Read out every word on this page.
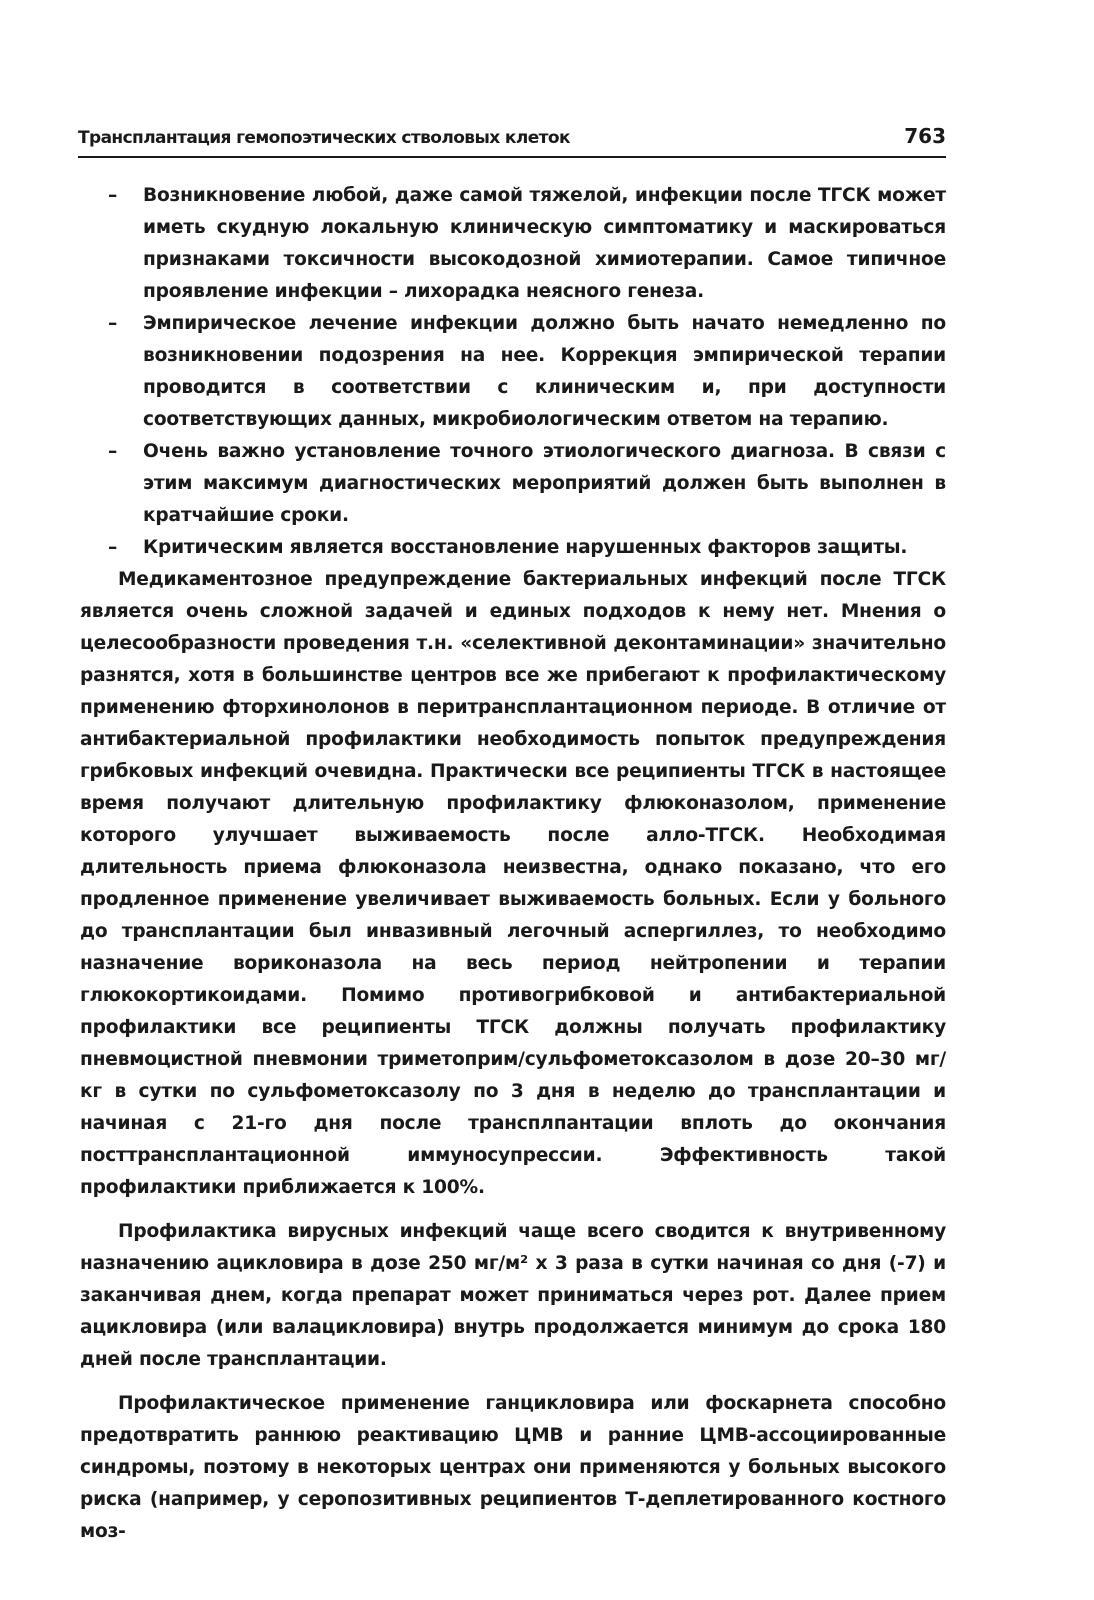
Трансплантация гемопоэтических стволовых клеток	763
– Возникновение любой, даже самой тяжелой, инфекции после ТГСК может иметь скудную локальную клиническую симптоматику и маскироваться признаками токсичности высокодозной химиотерапии. Самое типичное проявление инфекции – лихорадка неясного генеза.
– Эмпирическое лечение инфекции должно быть начато немедленно по возникновении подозрения на нее. Коррекция эмпирической терапии проводится в соответствии с клиническим и, при доступности соответствующих данных, микробиологическим ответом на терапию.
– Очень важно установление точного этиологического диагноза. В связи с этим максимум диагностических мероприятий должен быть выполнен в кратчайшие сроки.
– Критическим является восстановление нарушенных факторов защиты.

Медикаментозное предупреждение бактериальных инфекций после ТГСК является очень сложной задачей и единых подходов к нему нет. Мнения о целесообразности проведения т.н. «селективной деконтаминации» значительно разнятся, хотя в большинстве центров все же прибегают к профилактическому применению фторхинолонов в перитрансплантационном периоде. В отличие от антибактериальной профилактики необходимость попыток предупреждения грибковых инфекций очевидна. Практически все реципиенты ТГСК в настоящее время получают длительную профилактику флюконазолом, применение которого улучшает выживаемость после алло-ТГСК. Необходимая длительность приема флюконазола неизвестна, однако показано, что его продленное применение увеличивает выживаемость больных. Если у больного до трансплантации был инвазивный легочный аспергиллез, то необходимо назначение вориконазола на весь период нейтропении и терапии глюкокортикоидами. Помимо противогрибковой и антибактериальной профилактики все реципиенты ТГСК должны получать профилактику пневмоцистной пневмонии триметоприм/сульфометоксазолом в дозе 20–30 мг/кг в сутки по сульфометоксазолу по 3 дня в неделю до трансплантации и начиная с 21-го дня после трансплпантации вплоть до окончания посттрансплантационной иммуносупрессии. Эффективность такой профилактики приближается к 100%.

Профилактика вирусных инфекций чаще всего сводится к внутривенному назначению ацикловира в дозе 250 мг/м² х 3 раза в сутки начиная со дня (-7) и заканчивая днем, когда препарат может приниматься через рот. Далее прием ацикловира (или валацикловира) внутрь продолжается минимум до срока 180 дней после трансплантации.

Профилактическое применение ганцикловира или фоскарнета способно предотвратить раннюю реактивацию ЦМВ и ранние ЦМВ-ассоциированные синдромы, поэтому в некоторых центрах они применяются у больных высокого риска (например, у серопозитивных реципиентов Т-деплетированного костного моз-
